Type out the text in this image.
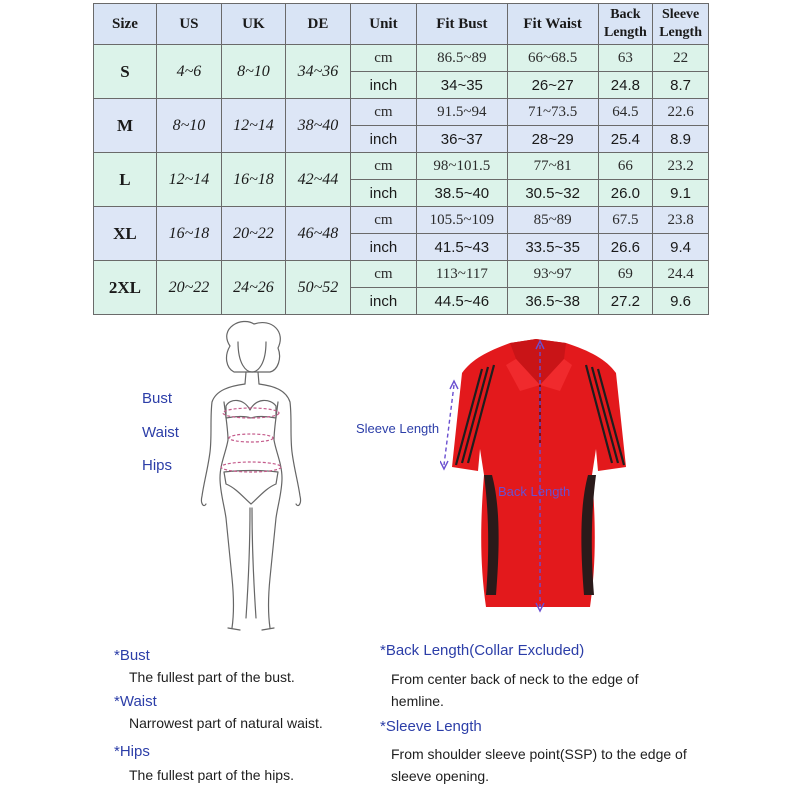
Size	US	UK	DE	Unit	Fit Bust	Fit Waist	Back Length	Sleeve Length
S	4~6	8~10	34~36	cm	86.5~89	66~68.5	63	22
				inch	34~35	26~27	24.8	8.7
M	8~10	12~14	38~40	cm	91.5~94	71~73.5	64.5	22.6
				inch	36~37	28~29	25.4	8.9
L	12~14	16~18	42~44	cm	98~101.5	77~81	66	23.2
				inch	38.5~40	30.5~32	26.0	9.1
XL	16~18	20~22	46~48	cm	105.5~109	85~89	67.5	23.8
				inch	41.5~43	33.5~35	26.6	9.4
2XL	20~22	24~26	50~52	cm	113~117	93~97	69	24.4
				inch	44.5~46	36.5~38	27.2	9.6
Bust
Waist
Hips
Sleeve Length
Back Length
*Bust
The fullest part of the bust.
*Waist
Narrowest part of natural waist.
*Hips
The fullest part of the hips.
*Back Length(Collar Excluded)
From center back of neck to the edge of hemline.
*Sleeve Length
From shoulder sleeve point(SSP) to the edge of sleeve opening.
